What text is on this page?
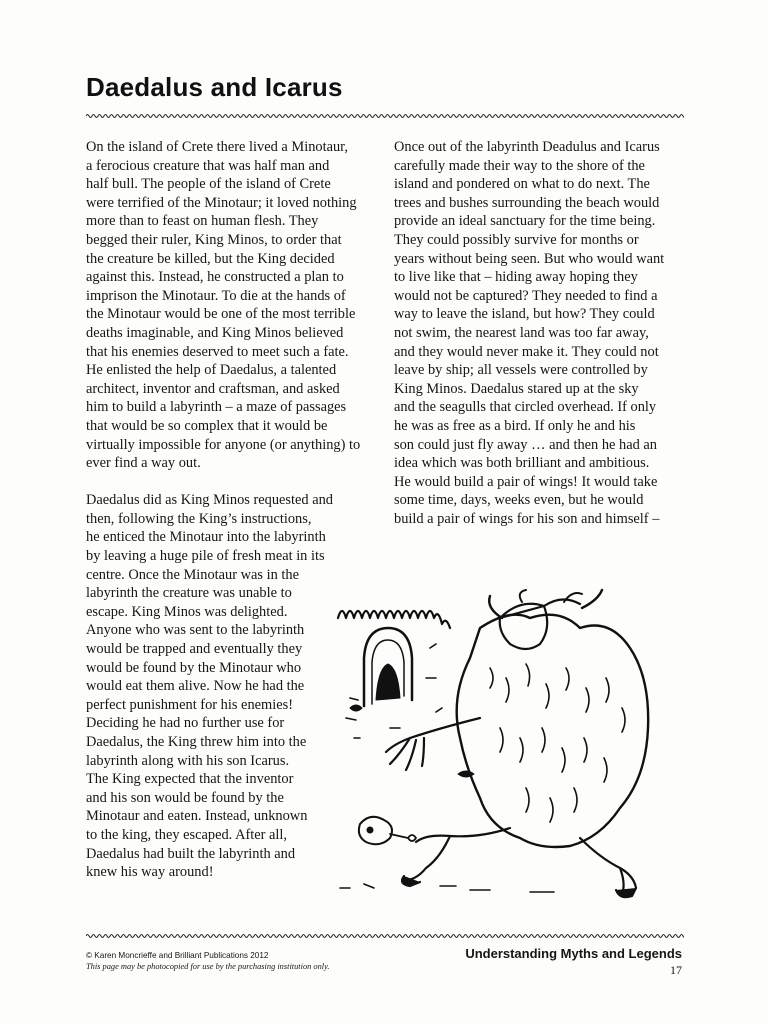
Daedalus and Icarus

On the island of Crete there lived a Minotaur,
a ferocious creature that was half man and
half bull. The people of the island of Crete
were terrified of the Minotaur; it loved nothing
more than to feast on human flesh. They
begged their ruler, King Minos, to order that
the creature be killed, but the King decided
against this. Instead, he constructed a plan to
imprison the Minotaur. To die at the hands of
the Minotaur would be one of the most terrible
deaths imaginable, and King Minos believed
that his enemies deserved to meet such a fate.
He enlisted the help of Daedalus, a talented
architect, inventor and craftsman, and asked
him to build a labyrinth – a maze of passages
that would be so complex that it would be
virtually impossible for anyone (or anything) to
ever find a way out.

Daedalus did as King Minos requested and
then, following the King’s instructions,
he enticed the Minotaur into the labyrinth
by leaving a huge pile of fresh meat in its
centre. Once the Minotaur was in the
labyrinth the creature was unable to
escape. King Minos was delighted.
Anyone who was sent to the labyrinth
would be trapped and eventually they
would be found by the Minotaur who
would eat them alive. Now he had the
perfect punishment for his enemies!
Deciding he had no further use for
Daedalus, the King threw him into the
labyrinth along with his son Icarus.
The King expected that the inventor
and his son would be found by the
Minotaur and eaten. Instead, unknown
to the king, they escaped. After all,
Daedalus had built the labyrinth and
knew his way around!

Once out of the labyrinth Deadulus and Icarus
carefully made their way to the shore of the
island and pondered on what to do next. The
trees and bushes surrounding the beach would
provide an ideal sanctuary for the time being.
They could possibly survive for months or
years without being seen. But who would want
to live like that – hiding away hoping they
would not be captured? They needed to find a
way to leave the island, but how? They could
not swim, the nearest land was too far away,
and they would never make it. They could not
leave by ship; all vessels were controlled by
King Minos. Daedalus stared up at the sky
and the seagulls that circled overhead. If only
he was as free as a bird. If only he and his
son could just fly away … and then he had an
idea which was both brilliant and ambitious.
He would build a pair of wings! It would take
some time, days, weeks even, but he would
build a pair of wings for his son and himself –

© Karen Moncrieffe and Brilliant Publications 2012
This page may be photocopied for use by the purchasing institution only.
Understanding Myths and Legends
17
